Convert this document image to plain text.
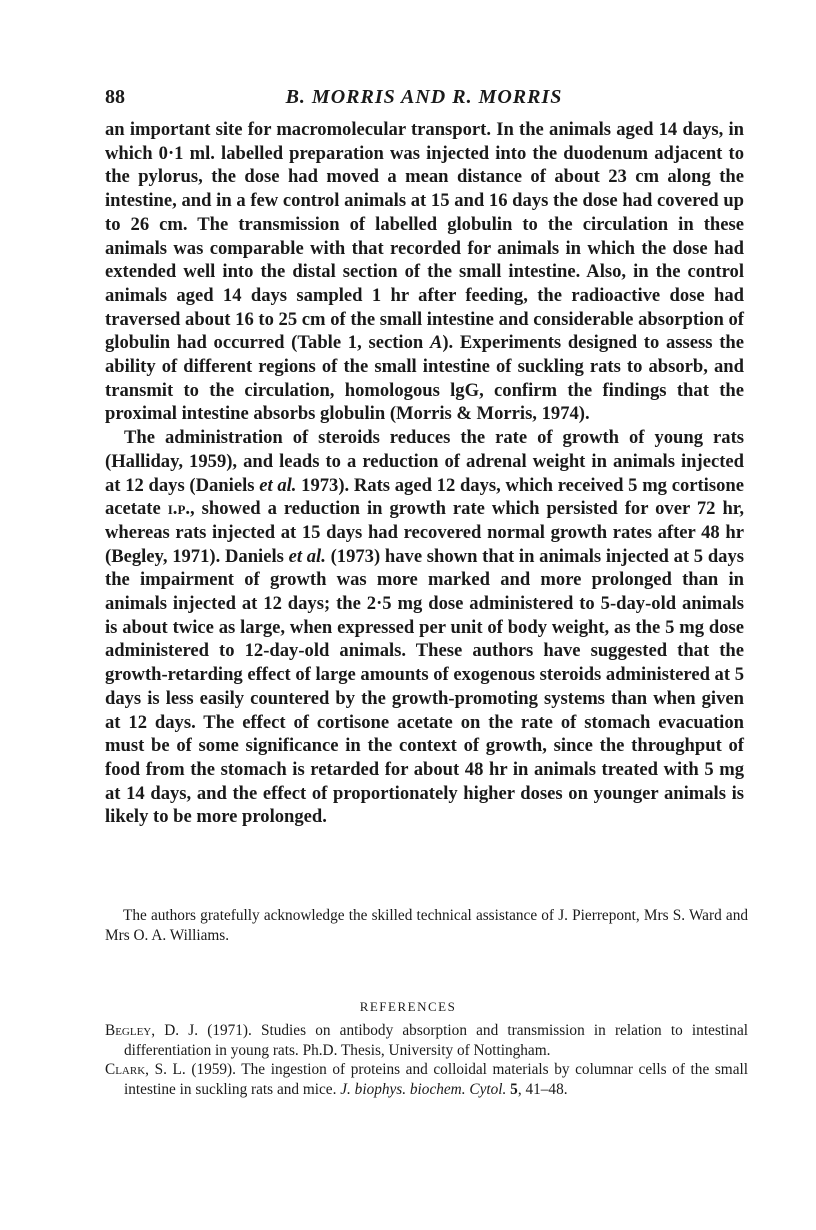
88	B. MORRIS AND R. MORRIS

an important site for macromolecular transport. In the animals aged 14 days, in which 0·1 ml. labelled preparation was injected into the duodenum adjacent to the pylorus, the dose had moved a mean distance of about 23 cm along the intestine, and in a few control animals at 15 and 16 days the dose had covered up to 26 cm. The transmission of labelled globulin to the circulation in these animals was comparable with that recorded for animals in which the dose had extended well into the distal section of the small intestine. Also, in the control animals aged 14 days sampled 1 hr after feeding, the radioactive dose had traversed about 16 to 25 cm of the small intestine and considerable absorption of globulin had occurred (Table 1, section A). Experiments designed to assess the ability of different regions of the small intestine of suckling rats to absorb, and transmit to the circulation, homologous lgG, confirm the findings that the proximal intestine absorbs globulin (Morris & Morris, 1974).

The administration of steroids reduces the rate of growth of young rats (Halliday, 1959), and leads to a reduction of adrenal weight in animals injected at 12 days (Daniels et al. 1973). Rats aged 12 days, which received 5 mg cortisone acetate i.p., showed a reduction in growth rate which persisted for over 72 hr, whereas rats injected at 15 days had recovered normal growth rates after 48 hr (Begley, 1971). Daniels et al. (1973) have shown that in animals injected at 5 days the impairment of growth was more marked and more prolonged than in animals injected at 12 days; the 2·5 mg dose administered to 5-day-old animals is about twice as large, when expressed per unit of body weight, as the 5 mg dose administered to 12-day-old animals. These authors have suggested that the growth-retarding effect of large amounts of exogenous steroids administered at 5 days is less easily countered by the growth-promoting systems than when given at 12 days. The effect of cortisone acetate on the rate of stomach evacuation must be of some significance in the context of growth, since the throughput of food from the stomach is retarded for about 48 hr in animals treated with 5 mg at 14 days, and the effect of proportionately higher doses on younger animals is likely to be more prolonged.

The authors gratefully acknowledge the skilled technical assistance of J. Pierrepont, Mrs S. Ward and Mrs O. A. Williams.

REFERENCES

Begley, D. J. (1971). Studies on antibody absorption and transmission in relation to intestinal differentiation in young rats. Ph.D. Thesis, University of Nottingham.

Clark, S. L. (1959). The ingestion of proteins and colloidal materials by columnar cells of the small intestine in suckling rats and mice. J. biophys. biochem. Cytol. 5, 41–48.
